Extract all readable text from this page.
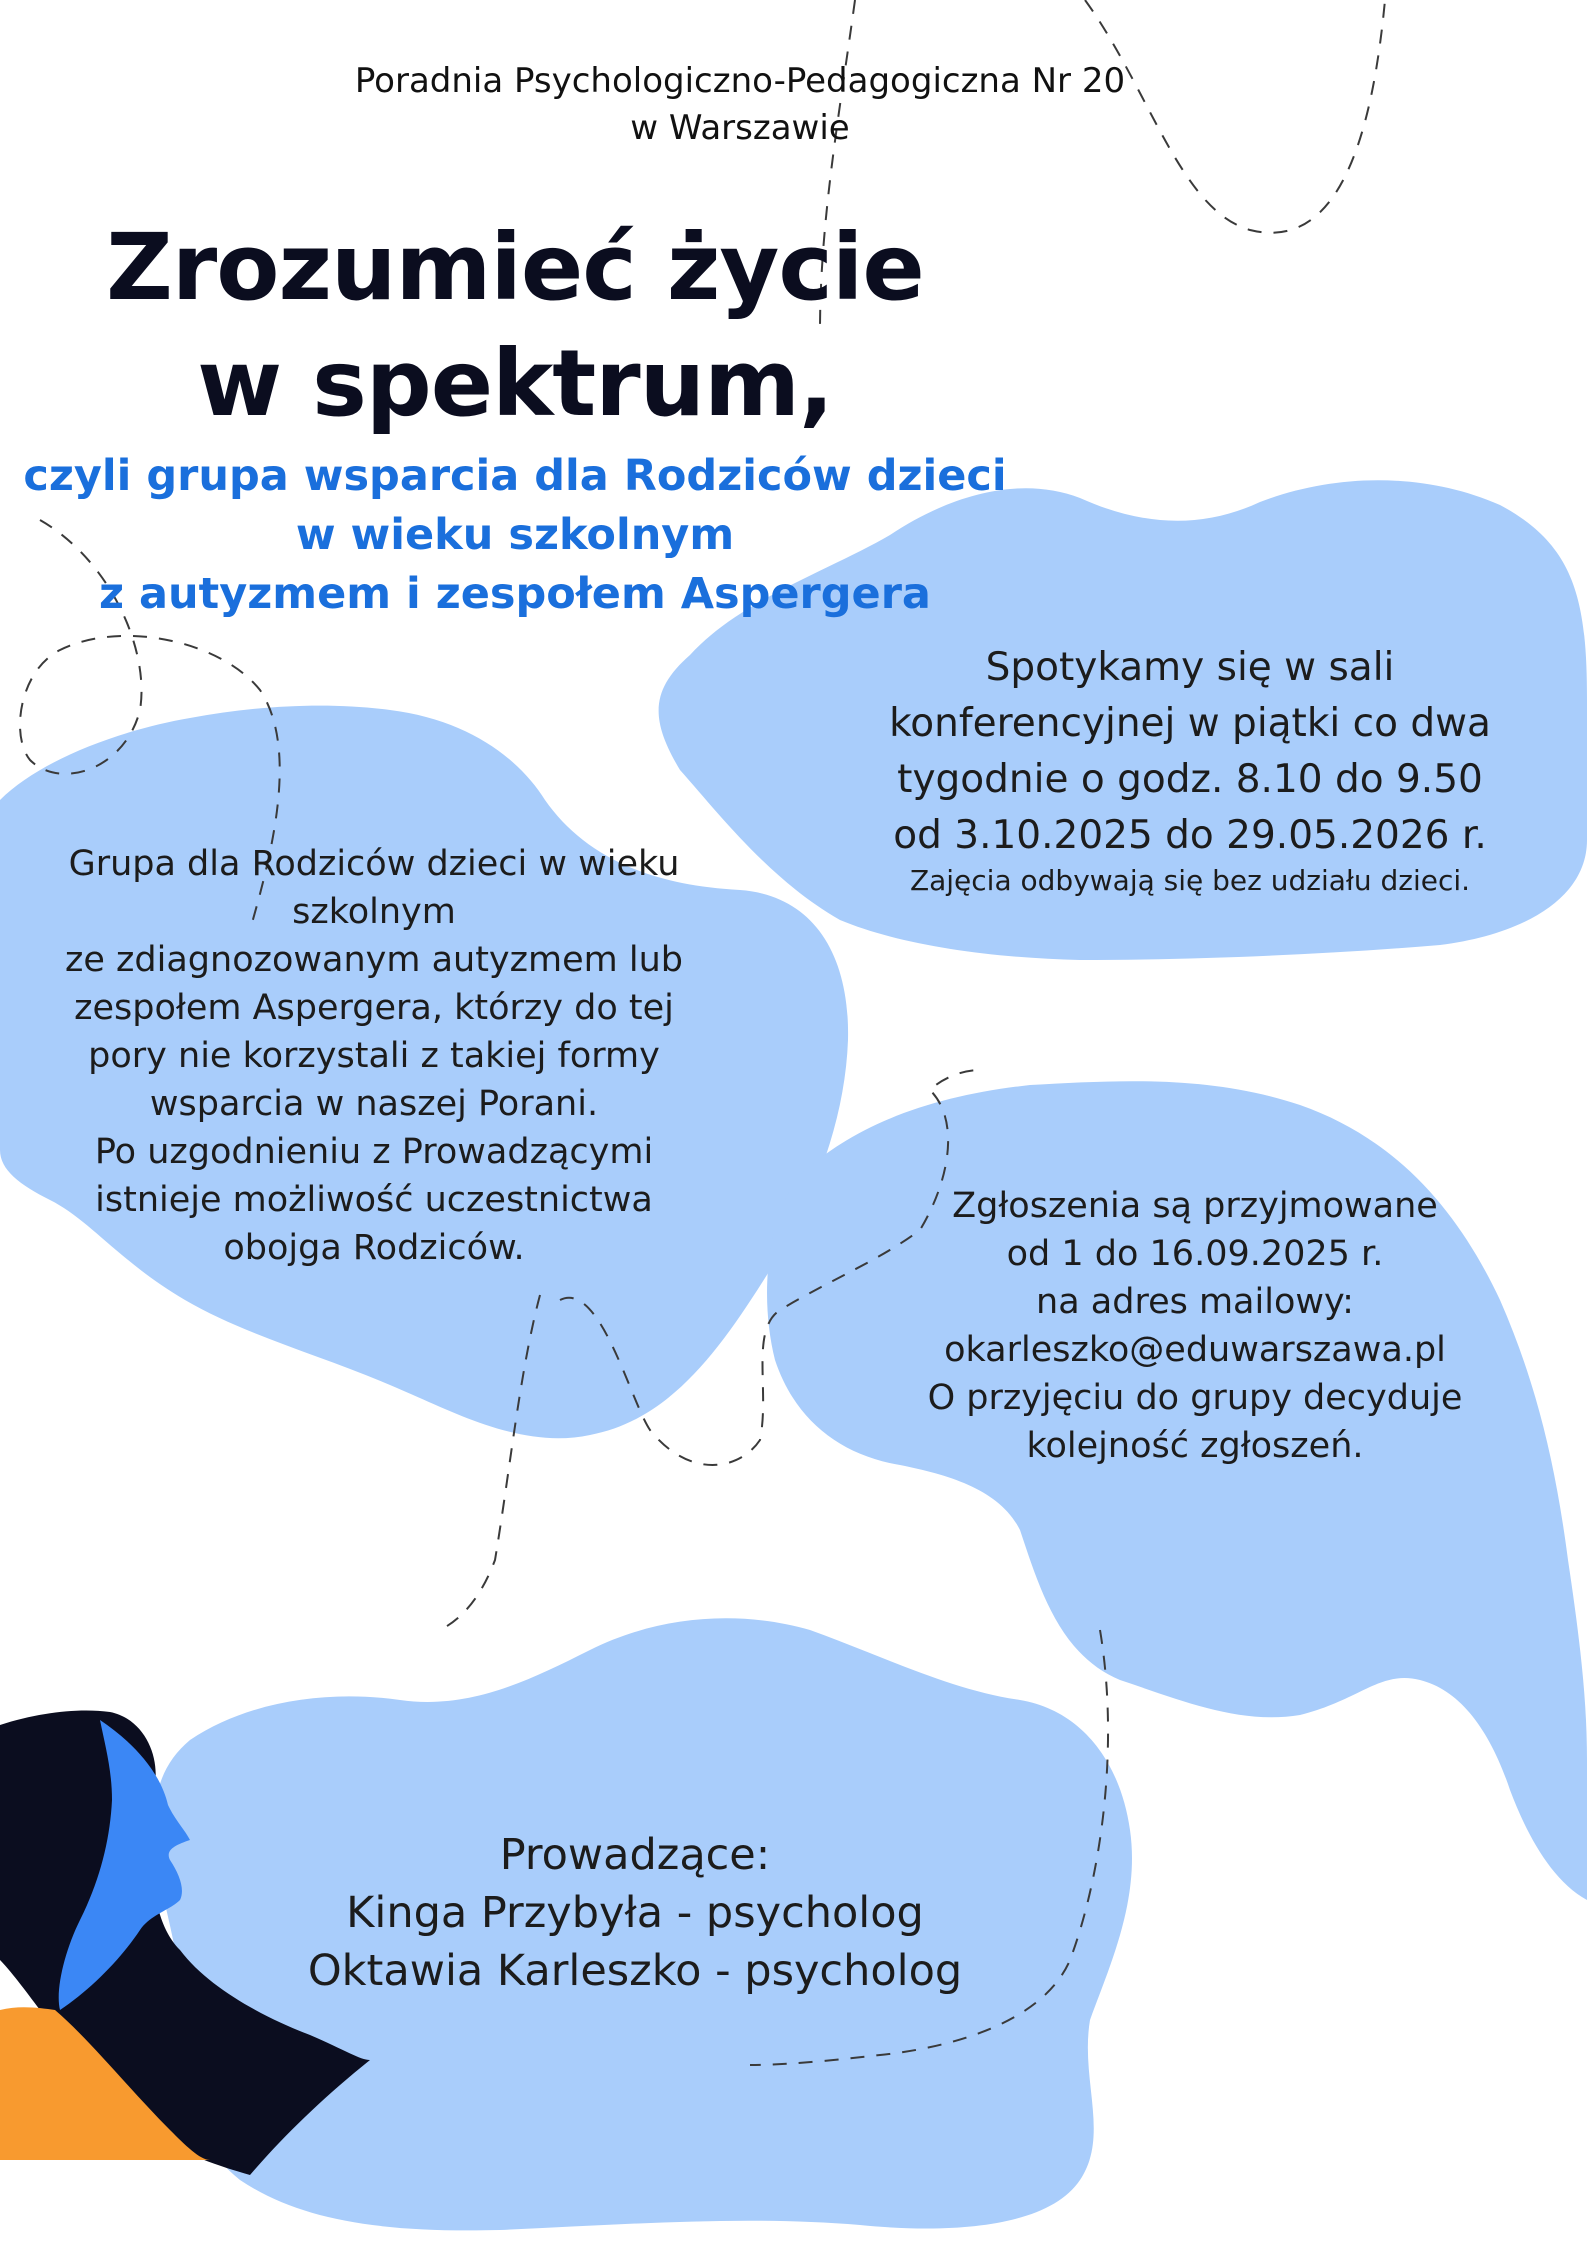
Poradnia Psychologiczno-Pedagogiczna Nr 20
w Warszawie
Zrozumieć życie
w spektrum,
czyli grupa wsparcia dla Rodziców dzieci
w wieku szkolnym
z autyzmem i zespołem Aspergera
Spotykamy się w sali
konferencyjnej w piątki co dwa
tygodnie o godz. 8.10 do 9.50
od 3.10.2025 do 29.05.2026 r.
Zajęcia odbywają się bez udziału dzieci.
Grupa dla Rodziców dzieci w wieku
szkolnym
ze zdiagnozowanym autyzmem lub
zespołem Aspergera, którzy do tej
pory nie korzystali z takiej formy
wsparcia w naszej Porani.
Po uzgodnieniu z Prowadzącymi
istnieje możliwość uczestnictwa
obojga Rodziców.
Zgłoszenia są przyjmowane
od 1 do 16.09.2025 r.
na adres mailowy:
okarleszko@eduwarszawa.pl
O przyjęciu do grupy decyduje
kolejność zgłoszeń.
Prowadzące:
Kinga Przybyła - psycholog
Oktawia Karleszko - psycholog
